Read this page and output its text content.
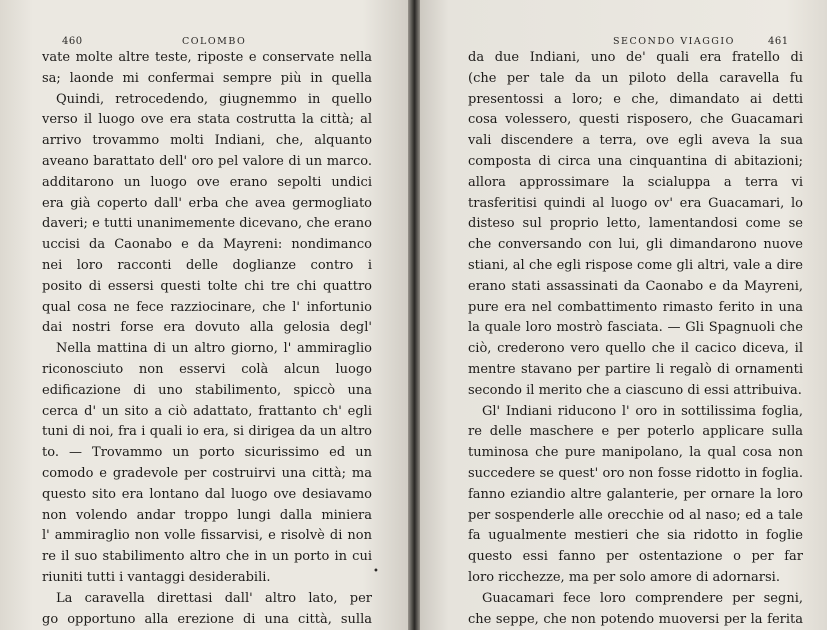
460	COLOMBO
vate molte altre teste, riposte e conservate nella
sa; laonde mi confermai sempre più in quella
Quindi, retrocedendo, giugnemmo in quello
verso il luogo ove era stata costrutta la città; al
arrivo trovammo molti Indiani, che, alquanto
aveano barattato dell' oro pel valore di un marco.
additarono un luogo ove erano sepolti undici
era già coperto dall' erba che avea germogliato
daveri; e tutti unanimemente dicevano, che erano
uccisi da Caonabo e da Mayreni: nondimanco
nei loro racconti delle doglianze contro i
posito di essersi questi tolte chi tre chi quattro
qual cosa ne fece razziocinare, che l' infortunio
dai nostri forse era dovuto alla gelosia degl'
Nella mattina di un altro giorno, l' ammiraglio
riconosciuto non esservi colà alcun luogo
edificazione di uno stabilimento, spiccò una
cerca d' un sito a ciò adattato, frattanto ch' egli
tuni di noi, fra i quali io era, si dirigea da un altro
to. — Trovammo un porto sicurissimo ed un
comodo e gradevole per costruirvi una città; ma
questo sito era lontano dal luogo ove desiavamo
non volendo andar troppo lungi dalla miniera
l' ammiraglio non volle fissarvisi, e risolvè di non
re il suo stabilimento altro che in un porto in cui
riuniti tutti i vantaggi desiderabili.
La caravella direttasi dall' altro lato, per
go opportuno alla erezione di una città, sulla
SECONDO VIAGGIO	461
da due Indiani, uno de' quali era fratello di
(che per tale da un piloto della caravella fu
presentossi a loro; e che, dimandato ai detti
cosa volessero, questi risposero, che Guacamari
vali discendere a terra, ove egli aveva la sua
composta di circa una cinquantina di abitazioni;
allora approssimare la scialuppa a terra vi
trasferitisi quindi al luogo ov' era Guacamari, lo
disteso sul proprio letto, lamentandosi come se
che conversando con lui, gli dimandarono nuove
stiani, al che egli rispose come gli altri, vale a dire
erano stati assassinati da Caonabo e da Mayreni,
pure era nel combattimento rimasto ferito in una
la quale loro mostrò fasciata. — Gli Spagnuoli che
ciò, crederono vero quello che il cacico diceva, il
mentre stavano per partire li regalò di ornamenti
secondo il merito che a ciascuno di essi attribuiva.
Gl' Indiani riducono l' oro in sottilissima foglia,
re delle maschere e per poterlo applicare sulla
tuminosa che pure manipolano, la qual cosa non
succedere se quest' oro non fosse ridotto in foglia.
fanno eziandio altre galanterie, per ornare la loro
per sospenderle alle orecchie od al naso; ed a tale
fa ugualmente mestieri che sia ridotto in foglie
questo essi fanno per ostentazione o per far
loro ricchezze, ma per solo amore di adornarsi.
Guacamari fece loro comprendere per segni,
che seppe, che non potendo muoversi per la ferita
•
